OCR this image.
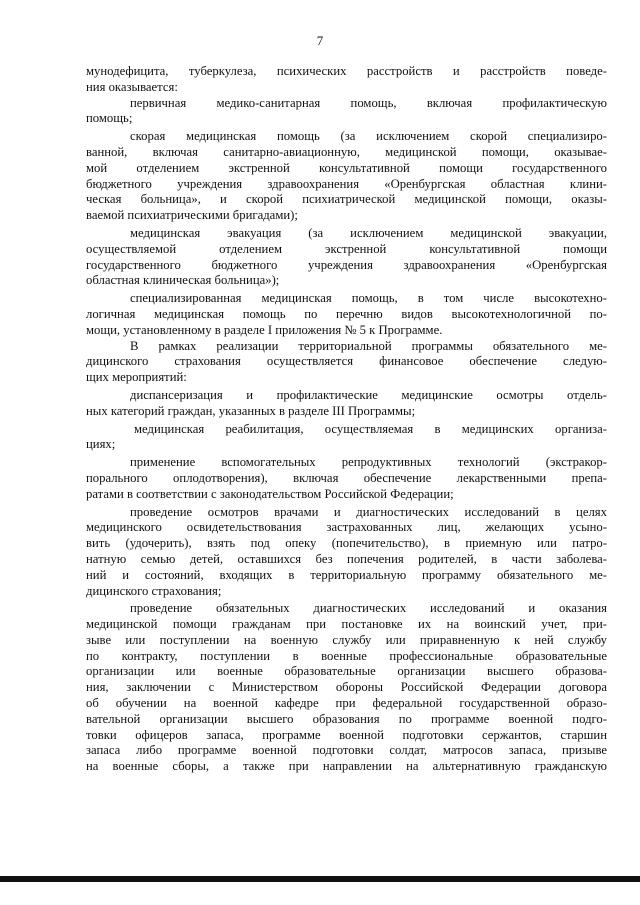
7
мунодефицита, туберкулеза, психических расстройств и расстройств поведе-
ния оказывается:
первичная медико-санитарная помощь, включая профилактическую
помощь;
скорая медицинская помощь (за исключением скорой специализиро-
ванной, включая санитарно-авиационную, медицинской помощи, оказывае-
мой отделением экстренной консультативной помощи государственного
бюджетного учреждения здравоохранения «Оренбургская областная клини-
ческая больница», и скорой психиатрической медицинской помощи, оказы-
ваемой психиатрическими бригадами);
медицинская эвакуация (за исключением медицинской эвакуации,
осуществляемой отделением экстренной консультативной помощи
государственного бюджетного учреждения здравоохранения «Оренбургская
областная клиническая больница»);
специализированная медицинская помощь, в том числе высокотехно-
логичная медицинская помощь по перечню видов высокотехнологичной по-
мощи, установленному в разделе I приложения № 5 к Программе.
В рамках реализации территориальной программы обязательного ме-
дицинского страхования осуществляется финансовое обеспечение следую-
щих мероприятий:
диспансеризация и профилактические медицинские осмотры отдель-
ных категорий граждан, указанных в разделе III Программы;
медицинская реабилитация, осуществляемая в медицинских организа-
циях;
применение вспомогательных репродуктивных технологий (экстракор-
порального оплодотворения), включая обеспечение лекарственными препа-
ратами в соответствии с законодательством Российской Федерации;
проведение осмотров врачами и диагностических исследований в целях
медицинского освидетельствования застрахованных лиц, желающих усыно-
вить (удочерить), взять под опеку (попечительство), в приемную или патро-
натную семью детей, оставшихся без попечения родителей, в части заболева-
ний и состояний, входящих в территориальную программу обязательного ме-
дицинского страхования;
проведение обязательных диагностических исследований и оказания
медицинской помощи гражданам при постановке их на воинский учет, при-
зыве или поступлении на военную службу или приравненную к ней службу
по контракту, поступлении в военные профессиональные образовательные
организации или военные образовательные организации высшего образова-
ния, заключении с Министерством обороны Российской Федерации договора
об обучении на военной кафедре при федеральной государственной образо-
вательной организации высшего образования по программе военной подго-
товки офицеров запаса, программе военной подготовки сержантов, старшин
запаса либо программе военной подготовки солдат, матросов запаса, призыве
на военные сборы, а также при направлении на альтернативную гражданскую
